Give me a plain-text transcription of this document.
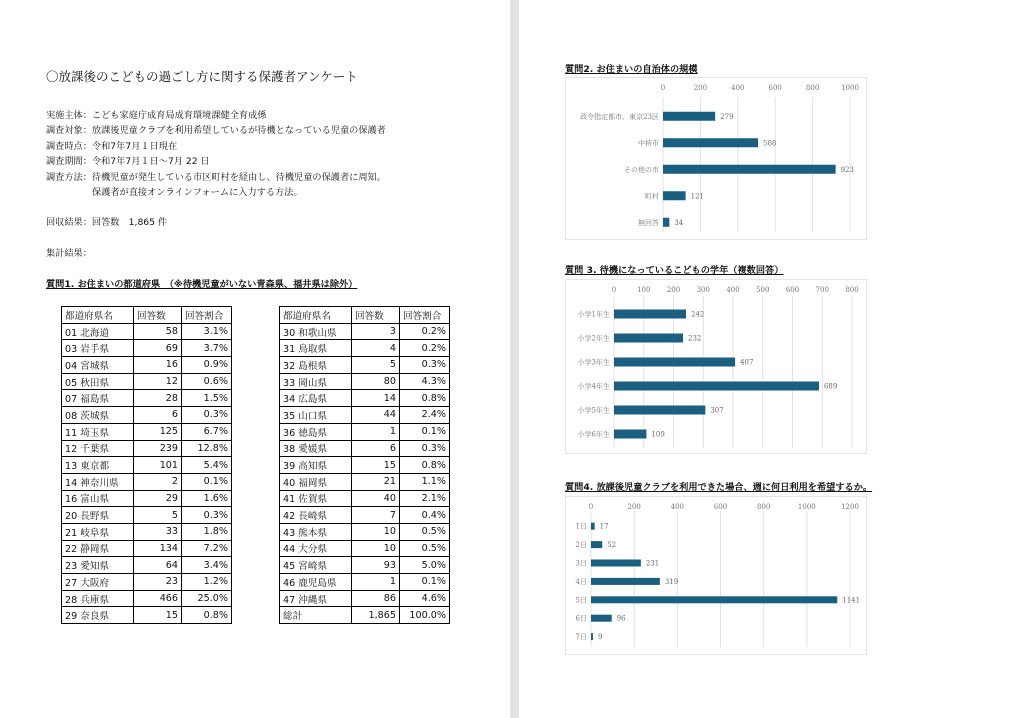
〇放課後のこどもの過ごし方に関する保護者アンケート
実施主体：こども家庭庁成育局成育環境課健全育成係
調査対象：放課後児童クラブを利用希望しているが待機となっている児童の保護者
調査時点：令和7年7月１日現在
調査期間：令和7年7月１日～7月 22 日
調査方法：待機児童が発生している市区町村を経由し、待機児童の保護者に周知。
保護者が直接オンラインフォームに入力する方法。
回収結果：回答数　1,865 件
集計結果：
質問1. お住まいの都道府県　（※待機児童がいない青森県、福井県は除外）
都道府県名	回答数	回答割合
01 北海道	58	3.1%
03 岩手県	69	3.7%
04 宮城県	16	0.9%
05 秋田県	12	0.6%
07 福島県	28	1.5%
08 茨城県	6	0.3%
11 埼玉県	125	6.7%
12 千葉県	239	12.8%
13 東京都	101	5.4%
14 神奈川県	2	0.1%
16 富山県	29	1.6%
20 長野県	5	0.3%
21 岐阜県	33	1.8%
22 静岡県	134	7.2%
23 愛知県	64	3.4%
27 大阪府	23	1.2%
28 兵庫県	466	25.0%
29 奈良県	15	0.8%
都道府県名	回答数	回答割合
30 和歌山県	3	0.2%
31 鳥取県	4	0.2%
32 島根県	5	0.3%
33 岡山県	80	4.3%
34 広島県	14	0.8%
35 山口県	44	2.4%
36 徳島県	1	0.1%
38 愛媛県	6	0.3%
39 高知県	15	0.8%
40 福岡県	21	1.1%
41 佐賀県	40	2.1%
42 長崎県	7	0.4%
43 熊本県	10	0.5%
44 大分県	10	0.5%
45 宮崎県	93	5.0%
46 鹿児島県	1	0.1%
47 沖縄県	86	4.6%
総計	1,865	100.0%
質問2. お住まいの自治体の規模
0	200	400	600	800	1000
政令指定都市、東京23区	279
中核市	508
その他の市	923
町村	121
無回答 34
質問 3. 待機になっているこどもの学年（複数回答）
0	100 200 300 400 500 600 700 800
小学1年生	242
小学2年生	232
小学3年生	407
小学4年生	689
小学5年生	307
小学6年生	109
質問4. 放課後児童クラブを利用できた場合、週に何日利用を希望するか。
0	200	400	600	800	1000	1200
1日 17
2日	52
3日	231
4日	319
5日	1141
6日	96
7日 9
